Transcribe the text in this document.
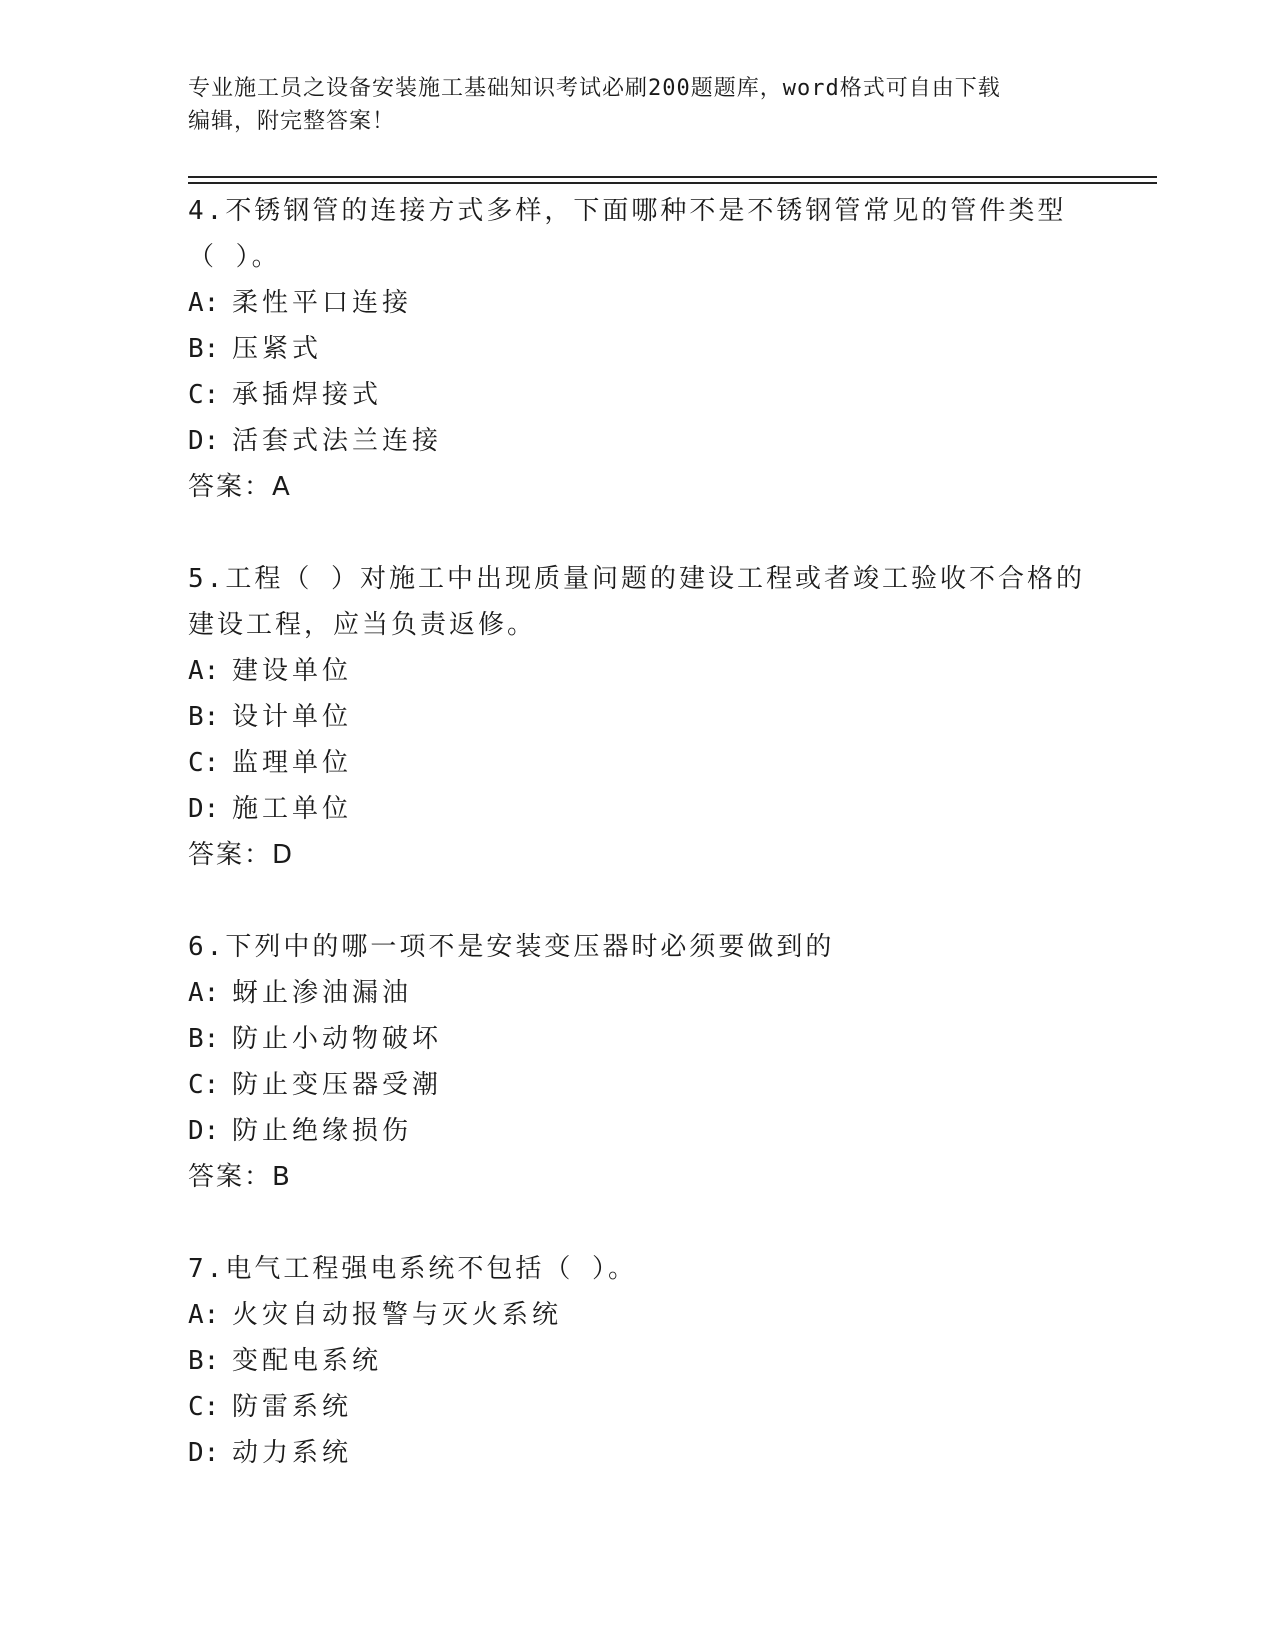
专业施工员之设备安装施工基础知识考试必刷200题题库，word格式可自由下载
编辑，附完整答案！
4.不锈钢管的连接方式多样，下面哪种不是不锈钢管常见的管件类型（ ）。
A: 柔性平口连接
B: 压紧式
C: 承插焊接式
D: 活套式法兰连接
答案：A
5.工程（ ）对施工中出现质量问题的建设工程或者竣工验收不合格的建设工程，应当负责返修。
A: 建设单位
B: 设计单位
C: 监理单位
D: 施工单位
答案：D
6.下列中的哪一项不是安装变压器时必须要做到的
A: 蚜止渗油漏油
B: 防止小动物破坏
C: 防止变压器受潮
D: 防止绝缘损伤
答案：B
7.电气工程强电系统不包括（ ）。
A: 火灾自动报警与灭火系统
B: 变配电系统
C: 防雷系统
D: 动力系统
